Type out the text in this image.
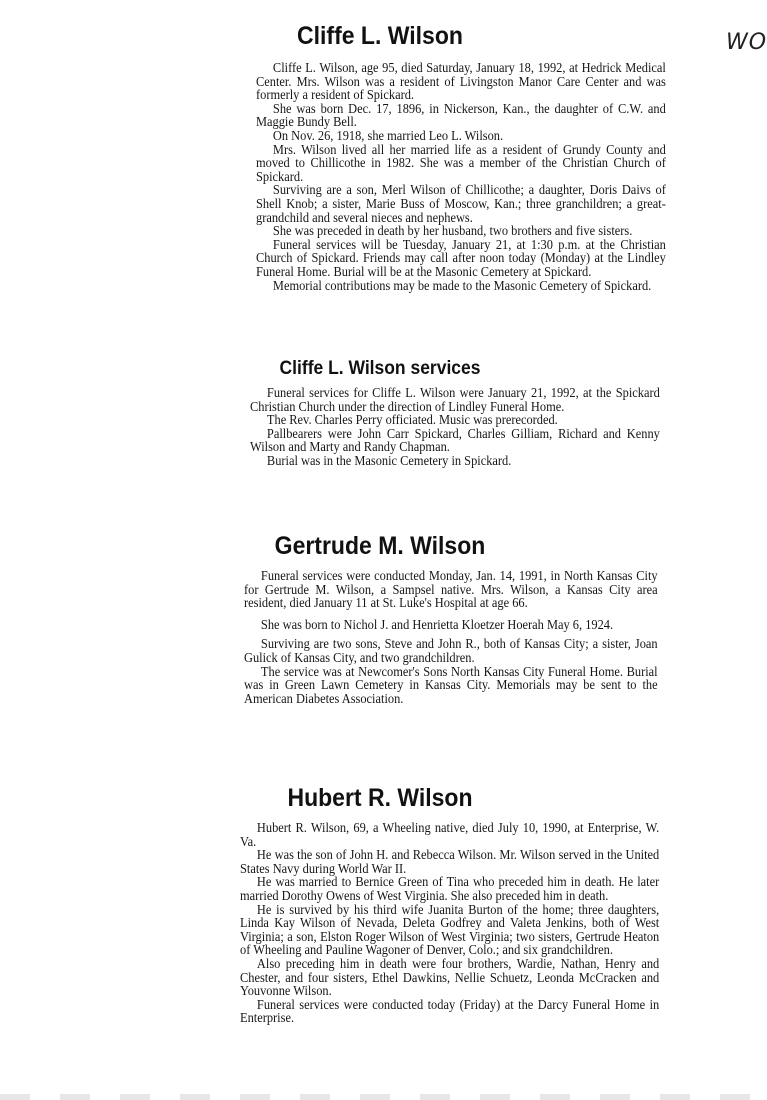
WO
Cliffe L. Wilson

Cliffe L. Wilson, age 95, died Saturday, January 18, 1992, at Hedrick Medical Center. Mrs. Wilson was a resident of Livingston Manor Care Center and was formerly a resident of Spickard.

She was born Dec. 17, 1896, in Nickerson, Kan., the daughter of C.W. and Maggie Bundy Bell.

On Nov. 26, 1918, she married Leo L. Wilson.

Mrs. Wilson lived all her married life as a resident of Grundy County and moved to Chillicothe in 1982. She was a member of the Christian Church of Spickard.

Surviving are a son, Merl Wilson of Chillicothe; a daughter, Doris Daivs of Shell Knob; a sister, Marie Buss of Moscow, Kan.; three granchildren; a great-grandchild and several nieces and nephews.

She was preceded in death by her husband, two brothers and five sisters.

Funeral services will be Tuesday, January 21, at 1:30 p.m. at the Christian Church of Spickard. Friends may call after noon today (Monday) at the Lindley Funeral Home. Burial will be at the Masonic Cemetery at Spickard.

Memorial contributions may be made to the Masonic Cemetery of Spickard.

Cliffe L. Wilson services

Funeral services for Cliffe L. Wilson were January 21, 1992, at the Spickard Christian Church under the direction of Lindley Funeral Home.

The Rev. Charles Perry officiated. Music was prerecorded.

Pallbearers were John Carr Spickard, Charles Gilliam, Richard and Kenny Wilson and Marty and Randy Chapman.

Burial was in the Masonic Cemetery in Spickard.

Gertrude M. Wilson

Funeral services were conducted Monday, Jan. 14, 1991, in North Kansas City for Gertrude M. Wilson, a Sampsel native. Mrs. Wilson, a Kansas City area resident, died January 11 at St. Luke's Hospital at age 66.

She was born to Nichol J. and Henrietta Kloetzer Hoerah May 6, 1924.

Surviving are two sons, Steve and John R., both of Kansas City; a sister, Joan Gulick of Kansas City, and two grandchildren.

The service was at Newcomer's Sons North Kansas City Funeral Home. Burial was in Green Lawn Cemetery in Kansas City. Memorials may be sent to the American Diabetes Association.

Hubert R. Wilson

Hubert R. Wilson, 69, a Wheeling native, died July 10, 1990, at Enterprise, W. Va.

He was the son of John H. and Rebecca Wilson. Mr. Wilson served in the United States Navy during World War II.

He was married to Bernice Green of Tina who preceded him in death. He later married Dorothy Owens of West Virginia. She also preceded him in death.

He is survived by his third wife Juanita Burton of the home; three daughters, Linda Kay Wilson of Nevada, Deleta Godfrey and Valeta Jenkins, both of West Virginia; a son, Elston Roger Wilson of West Virginia; two sisters, Gertrude Heaton of Wheeling and Pauline Wagoner of Denver, Colo.; and six grandchildren.

Also preceding him in death were four brothers, Wardie, Nathan, Henry and Chester, and four sisters, Ethel Dawkins, Nellie Schuetz, Leonda McCracken and Youvonne Wilson.

Funeral services were conducted today (Friday) at the Darcy Funeral Home in Enterprise.
